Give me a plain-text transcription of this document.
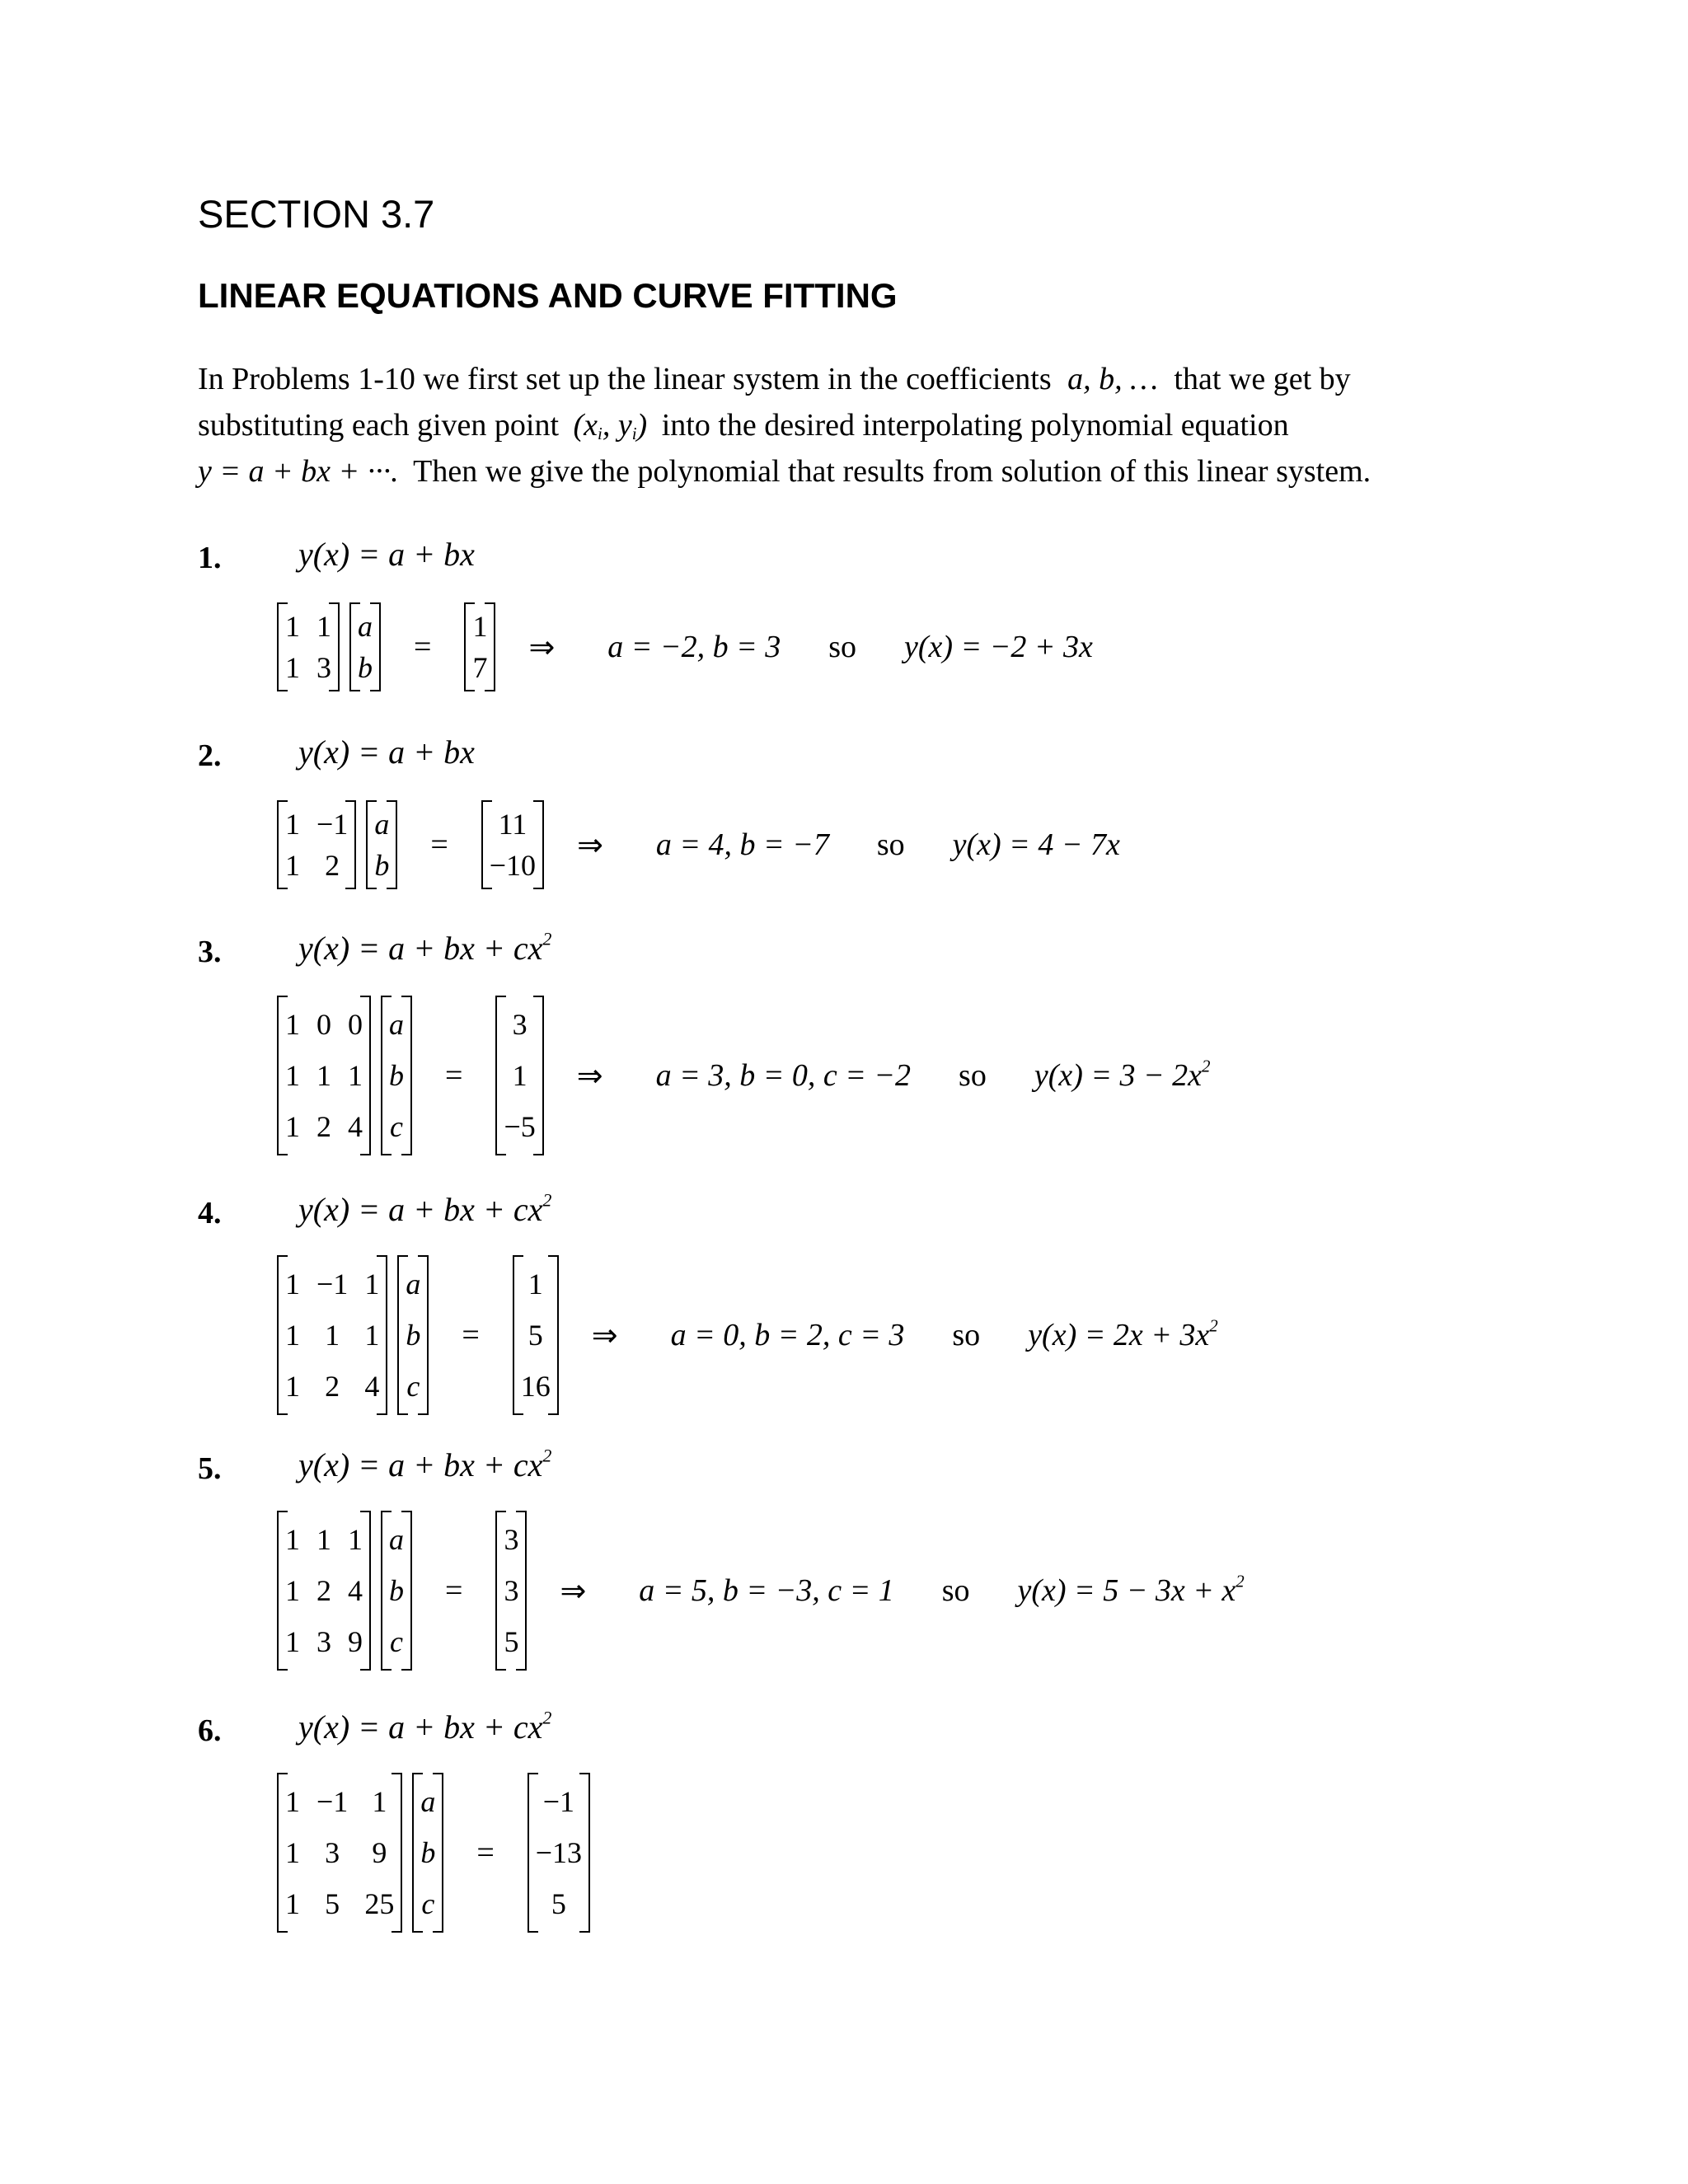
SECTION 3.7
LINEAR EQUATIONS AND CURVE FITTING
In Problems 1-10 we first set up the linear system in the coefficients a, b, … that we get by
substituting each given point ($x_i$, $y_i$) into the desired interpolating polynomial equation
y = a + bx + ···. Then we give the polynomial that results from solution of this linear system.
1. y(x) = a + bx
1 1
1 3
a
b
=
1
7
⇒ a = −2, b = 3 so y(x) = −2 + 3x
2. y(x) = a + bx
1 −1
1 2
a
b
=
11
−10
⇒ a = 4, b = −7 so y(x) = 4 − 7x
3. y(x) = a + bx + $cx^2$
1 0 0
1 1 1
1 2 4
a
b
c
=
3
1
−5
⇒ a = 3, b = 0, c = −2 so $y(x) = 3 - 2x^2$
4. y(x) = a + bx + $cx^2$
1 −1 1
1 1 1
1 2 4
a
b
c
=
1
5
16
⇒ a = 0, b = 2, c = 3 so $y(x) = 2x + 3x^2$
5. y(x) = a + bx + $cx^2$
1 1 1
1 2 4
1 3 9
a
b
c
=
3
3
5
⇒ a = 5, b = −3, c = 1 so $y(x) = 5 - 3x + x^2$
6. y(x) = a + bx + $cx^2$
1 −1 1
1 3	9
1 5 25
a
b
c
=
−1
−13
5
